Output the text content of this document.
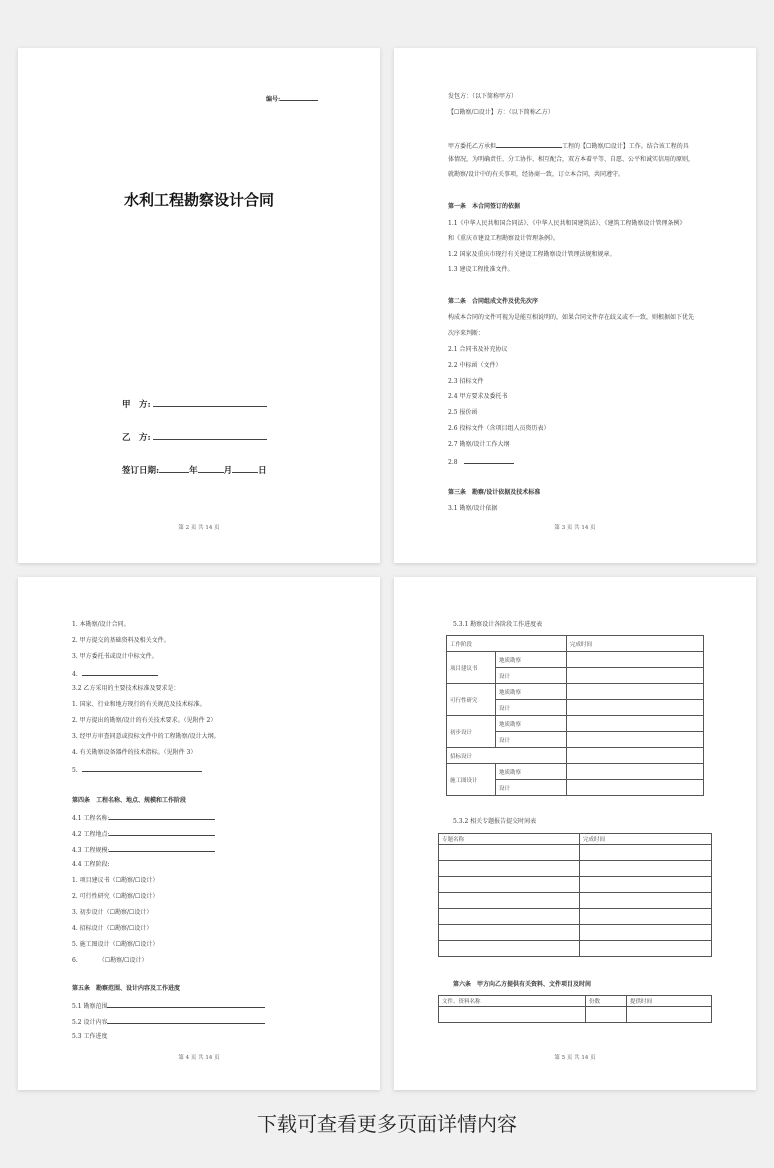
编号:
水利工程勘察设计合同
甲　方:
乙　方:
签订日期:	年	月	日
第 2 页 共 14 页
发包方：（以下简称甲方）
【☐勘察/☐设计】方：（以下简称乙方）
甲方委托乙方承担	工程的【☐勘察/☐设计】工作。结合该工程的具
体情况，为明确责任、分工协作、相互配合，双方本着平等、自愿、公平和诚实信用的原则，
就勘察/设计中的有关事项，经协商一致，订立本合同，共同遵守。
第一条　本合同签订的依据
1.1《中华人民共和国合同法》、《中华人民共和国建筑法》、《建筑工程勘察设计管理条例》
和《重庆市建设工程勘察设计管理条例》。
1.2 国家及重庆市现行有关建设工程勘察设计管理法规和规章。
1.3 建设工程批准文件。
第二条　合同组成文件及优先次序
构成本合同的文件可视为是能互相说明的，如果合同文件存在歧义或不一致，则根据如下优先
次序来判断：
2.1 合同书及补充协议
2.2 中标函（文件）
2.3 招标文件
2.4 甲方要求及委托书
2.5 报价函
2.6 投标文件（含项目组人员资历表）
2.7 勘察/设计工作大纲
2.8
第三条　勘察/设计依据及技术标准
3.1 勘察/设计依据
第 3 页 共 14 页
1. 本勘察/设计合同。
2. 甲方提交的基础资料及相关文件。
3. 甲方委托书或设计中标文件。
4.
3.2 乙方采用的主要技术标准及要求是：
1. 国家、行业和地方现行的有关规范及技术标准。
2. 甲方提出的勘察/设计的有关技术要求。（见附件 2）
3. 经甲方审查同意或投标文件中的工程勘察/设计大纲。
4. 有关勘察设备器件的技术指标。（见附件 3）
5.
第四条　工程名称、地点、规模和工作阶段
4.1 工程名称:
4.2 工程地点:
4.3 工程规模:
4.4 工程阶段:
1. 项目建议书（☐勘察/☐设计）
2. 可行性研究（☐勘察/☐设计）
3. 初步设计（☐勘察/☐设计）
4. 招标设计（☐勘察/☐设计）
5. 施工图设计（☐勘察/☐设计）
6.　　　　（☐勘察/☐设计）
第五条　勘察范围、设计内容及工作进度
5.1 勘察范围
5.2 设计内容
5.3 工作进度
第 4 页 共 14 页
5.3.1 勘察设计各阶段工作进度表
工作阶段		完成时间
项目建议书	地质勘察	
	设计	
可行性研究	地质勘察	
	设计	
初步设计	地质勘察	
	设计	
招标设计		
施工图设计	地质勘察	
	设计	
5.3.2 相关专题报告提交时间表
专题名称	完成时间

第六条　甲方向乙方提供有关资料、文件项目及时间
文件、资料名称	份数	提供时间

第 5 页 共 14 页
下载可查看更多页面详情内容
